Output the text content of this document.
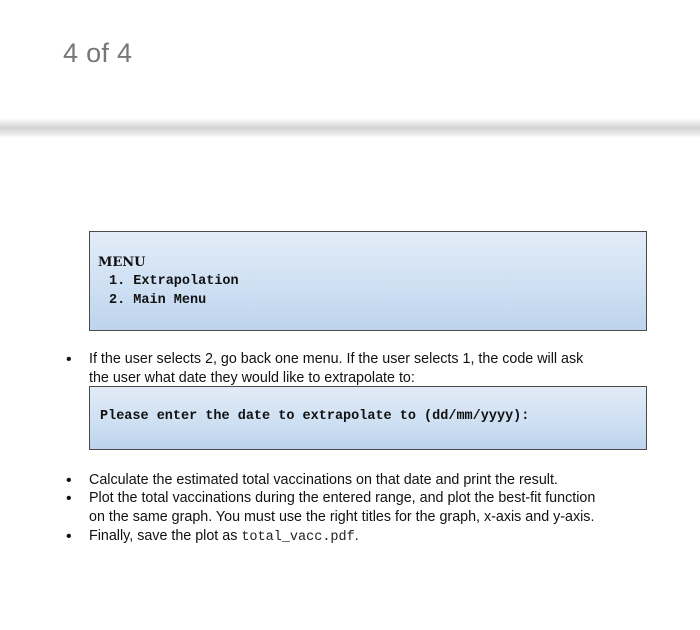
4 of 4
MENU
1. Extrapolation
2. Main Menu
•	If the user selects 2, go back one menu. If the user selects 1, the code will ask
the user what date they would like to extrapolate to:
Please enter the date to extrapolate to (dd/mm/yyyy):
•	Calculate the estimated total vaccinations on that date and print the result.
•	Plot the total vaccinations during the entered range, and plot the best-fit function
on the same graph. You must use the right titles for the graph, x-axis and y-axis.
•	Finally, save the plot as total_vacc.pdf.
